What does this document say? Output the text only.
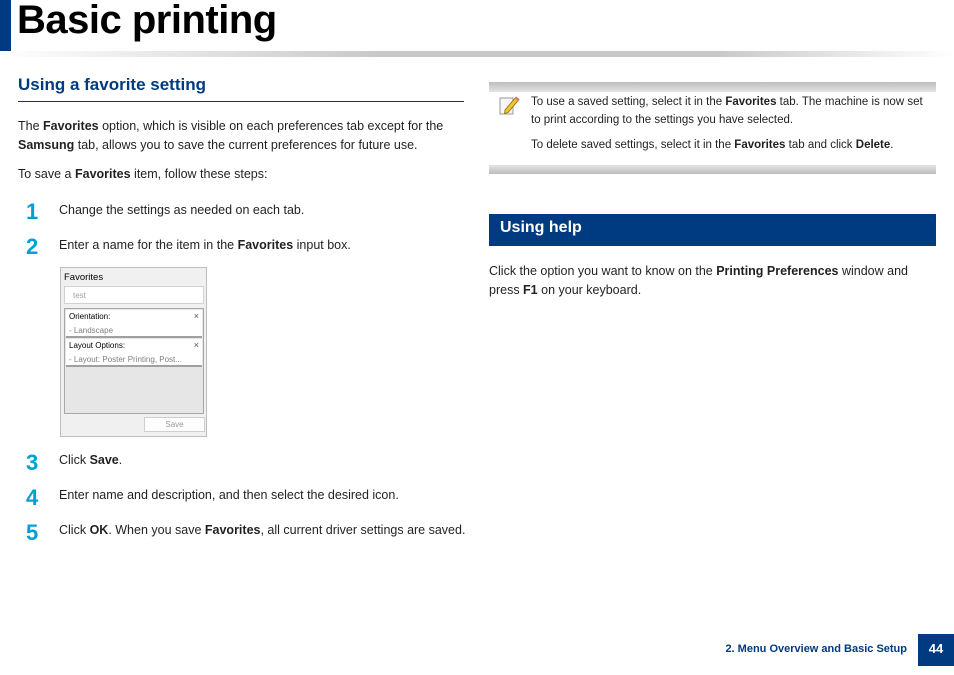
Basic printing
Using a favorite setting
The Favorites option, which is visible on each preferences tab except for the
Samsung tab, allows you to save the current preferences for future use.
To save a Favorites item, follow these steps:
1 Change the settings as needed on each tab.
2 Enter a name for the item in the Favorites input box.
Favorites
test
Orientation:
- Landscape
×
Layout Options:
- Layout: Poster Printing, Post...
×
Save
3 Click Save.
4 Enter name and description, and then select the desired icon.
5 Click OK. When you save Favorites, all current driver settings are saved.
To use a saved setting, select it in the Favorites tab. The machine is now set
to print according to the settings you have selected.
To delete saved settings, select it in the Favorites tab and click Delete.
Using help
Click the option you want to know on the Printing Preferences window and
press F1 on your keyboard.
2. Menu Overview and Basic Setup	44
